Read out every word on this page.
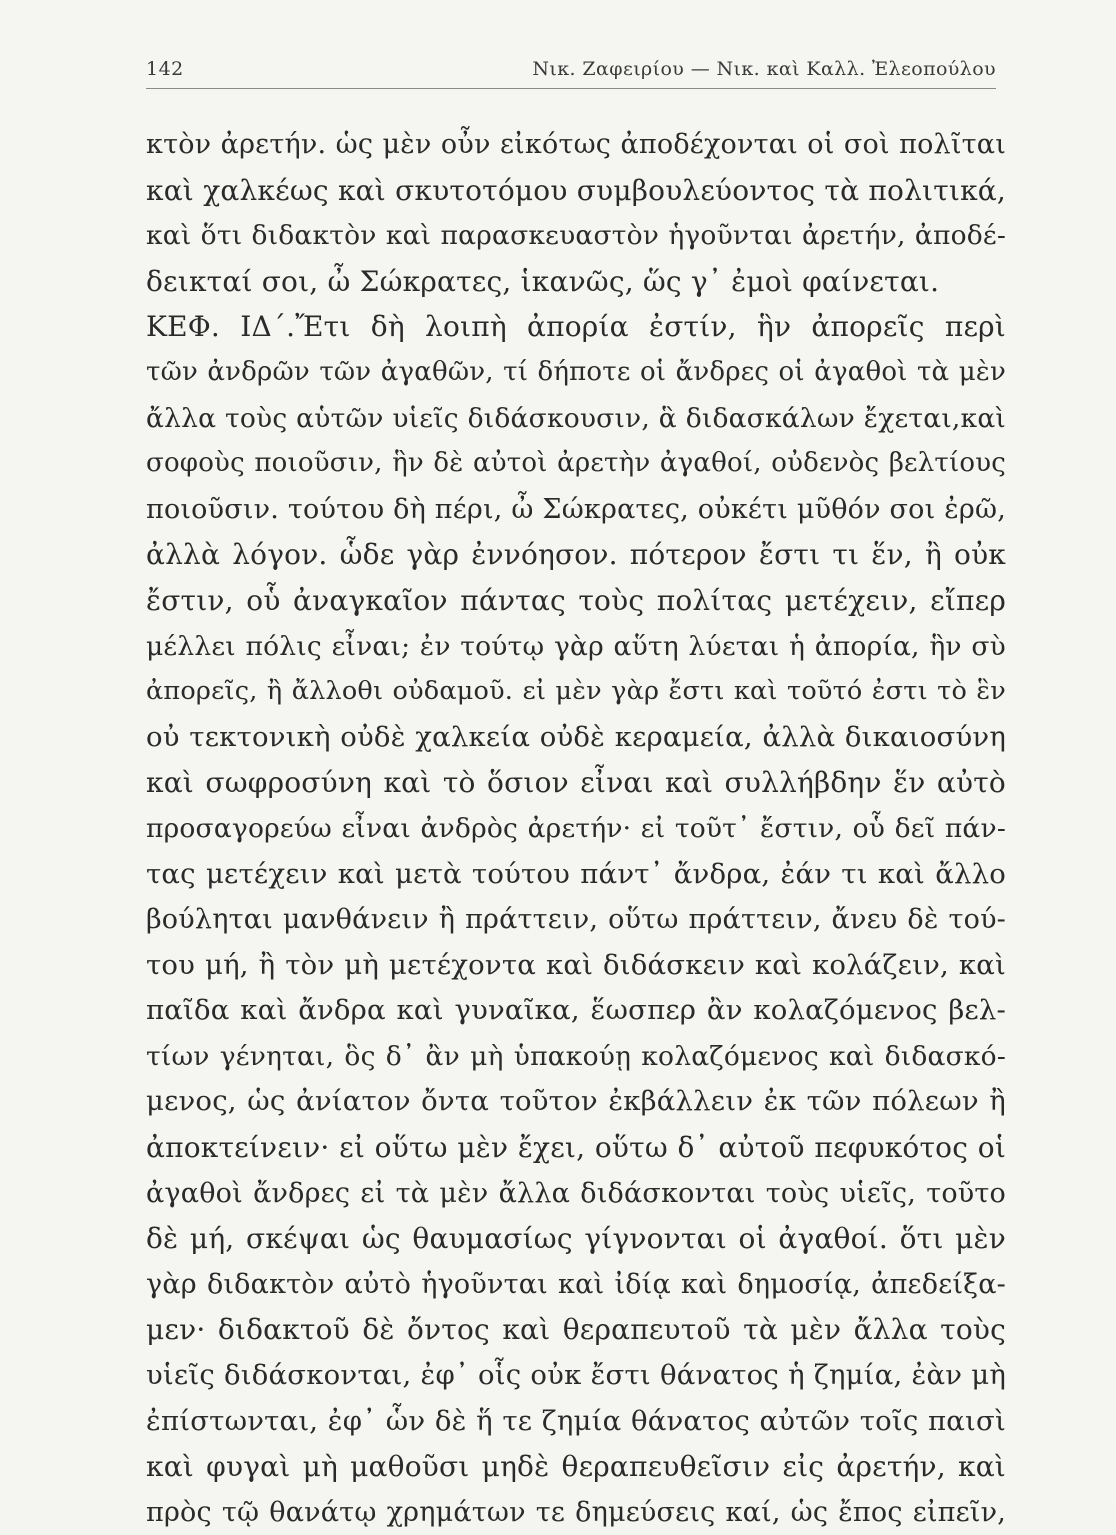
142	Νικ. Ζαφειρίου — Νικ. καὶ Καλλ. Ἐλεοπούλου
κτὸν ἀρετήν. ὡς μὲν οὖν εἰκότως ἀποδέχονται οἱ σοὶ πολῖται
καὶ χαλκέως καὶ σκυτοτόμου συμβουλεύοντος τὰ πολιτικά,
καὶ ὅτι διδακτὸν καὶ παρασκευαστὸν ἡγοῦνται ἀρετήν, ἀποδέ-
δεικταί σοι, ὦ Σώκρατες, ἱκανῶς, ὥς γ᾽ ἐμοὶ φαίνεται.
ΚΕΦ. ΙΔ΄.Ἔτι δὴ λοιπὴ ἀπορία ἐστίν, ἣν ἀπορεῖς περὶ
τῶν ἀνδρῶν τῶν ἀγαθῶν, τί δήποτε οἱ ἄνδρες οἱ ἀγαθοὶ τὰ μὲν
ἄλλα τοὺς αὑτῶν υἱεῖς διδάσκουσιν, ἃ διδασκάλων ἔχεται,καὶ
σοφοὺς ποιοῦσιν, ἣν δὲ αὐτοὶ ἀρετὴν ἀγαθοί, οὐδενὸς βελτίους
ποιοῦσιν. τούτου δὴ πέρι, ὦ Σώκρατες, οὐκέτι μῦθόν σοι ἐρῶ,
ἀλλὰ λόγον. ὧδε γὰρ ἐννόησον. πότερον ἔστι τι ἕν, ἢ οὐκ
ἔστιν, οὗ ἀναγκαῖον πάντας τοὺς πολίτας μετέχειν, εἴπερ
μέλλει πόλις εἶναι; ἐν τούτῳ γὰρ αὕτη λύεται ἡ ἀπορία, ἣν σὺ
ἀπορεῖς, ἢ ἄλλοθι οὐδαμοῦ. εἰ μὲν γὰρ ἔστι καὶ τοῦτό ἐστι τὸ ἓν
οὐ τεκτονικὴ οὐδὲ χαλκεία οὐδὲ κεραμεία, ἀλλὰ δικαιοσύνη
καὶ σωφροσύνη καὶ τὸ ὅσιον εἶναι καὶ συλλήβδην ἕν αὐτὸ
προσαγορεύω εἶναι ἀνδρὸς ἀρετήν· εἰ τοῦτ᾽ ἔστιν, οὗ δεῖ πάν-
τας μετέχειν καὶ μετὰ τούτου πάντ᾽ ἄνδρα, ἐάν τι καὶ ἄλλο
βούληται μανθάνειν ἢ πράττειν, οὕτω πράττειν, ἄνευ δὲ τού-
του μή, ἢ τὸν μὴ μετέχοντα καὶ διδάσκειν καὶ κολάζειν, καὶ
παῖδα καὶ ἄνδρα καὶ γυναῖκα, ἕωσπερ ἂν κολαζόμενος βελ-
τίων γένηται, ὃς δ᾽ ἂν μὴ ὑπακούῃ κολαζόμενος καὶ διδασκό-
μενος, ὡς ἀνίατον ὄντα τοῦτον ἐκβάλλειν ἐκ τῶν πόλεων ἢ
ἀποκτείνειν· εἰ οὕτω μὲν ἔχει, οὕτω δ᾽ αὐτοῦ πεφυκότος οἱ
ἀγαθοὶ ἄνδρες εἰ τὰ μὲν ἄλλα διδάσκονται τοὺς υἱεῖς, τοῦτο
δὲ μή, σκέψαι ὡς θαυμασίως γίγνονται οἱ ἀγαθοί. ὅτι μὲν
γὰρ διδακτὸν αὐτὸ ἡγοῦνται καὶ ἰδίᾳ καὶ δημοσίᾳ, ἀπεδείξα-
μεν· διδακτοῦ δὲ ὄντος καὶ θεραπευτοῦ τὰ μὲν ἄλλα τοὺς
υἱεῖς διδάσκονται, ἐφ᾽ οἷς οὐκ ἔστι θάνατος ἡ ζημία, ἐὰν μὴ
ἐπίστωνται, ἐφ᾽ ὧν δὲ ἥ τε ζημία θάνατος αὐτῶν τοῖς παισὶ
καὶ φυγαὶ μὴ μαθοῦσι μηδὲ θεραπευθεῖσιν εἰς ἀρετήν, καὶ
πρὸς τῷ θανάτῳ χρημάτων τε δημεύσεις καί, ὡς ἔπος εἰπεῖν,
